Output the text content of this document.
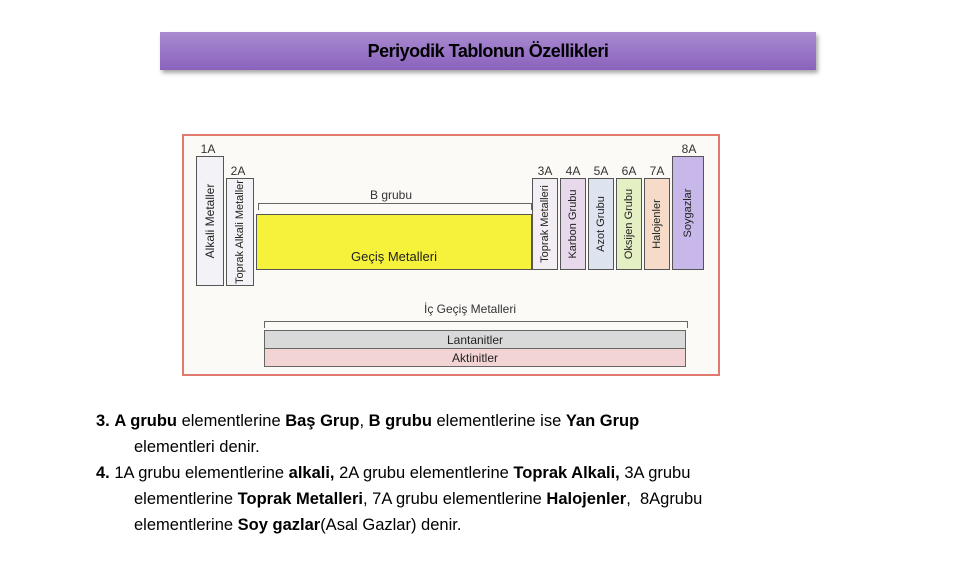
Periyodik Tablonun Özellikleri
1A
2A	3A	4A	5A	6A	7A
8A
Alkali Metaller Toprak Alkali Metaller	B grubu
Geçiş Metalleri	Toprak Metalleri Karbon Grubu Azot Grubu Oksijen Grubu Halojenler Soygazlar
İç Geçiş Metalleri
Lantanitler
Aktinitler

3. A grubu elementlerine Baş Grup, B grubu elementlerine ise Yan Grup

elementleri denir.

4. 1A grubu elementlerine alkali, 2A grubu elementlerine Toprak Alkali, 3A grubu

elementlerine Toprak Metalleri, 7A grubu elementlerine Halojenler,  8Agrubu

elementlerine Soy gazlar(Asal Gazlar) denir.
